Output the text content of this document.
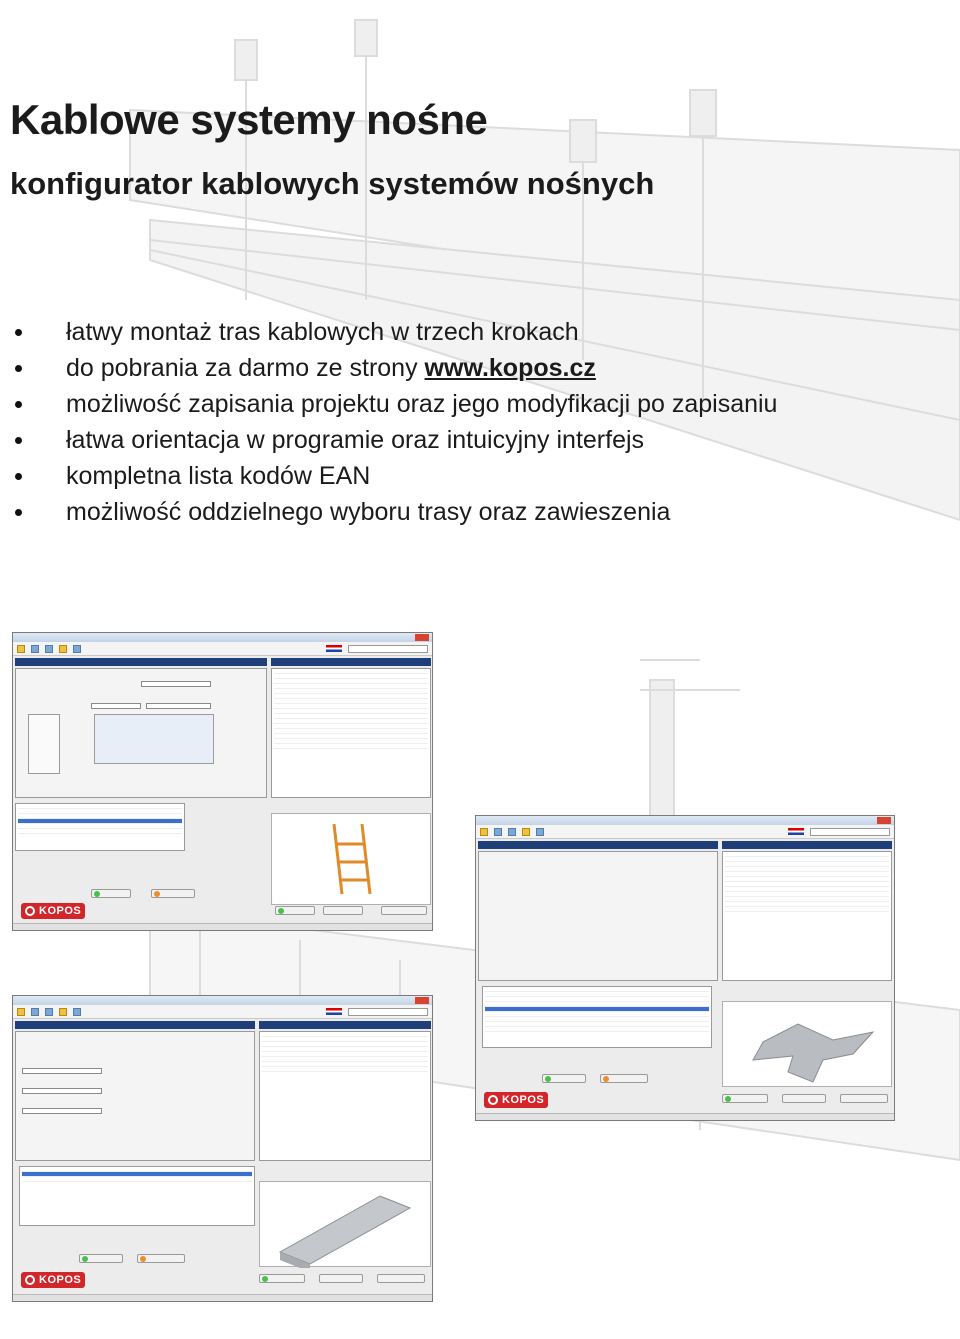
Kablowe systemy nośne
konfigurator kablowych systemów nośnych
łatwy montaż tras kablowych w trzech krokach
do pobrania za darmo ze strony www.kopos.cz
możliwość zapisania projektu oraz jego modyfikacji po zapisaniu
łatwa orientacja w programie oraz intuicyjny interfejs
kompletna lista kodów EAN
możliwość oddzielnego wyboru trasy oraz zawieszenia
KOPOS
KOPOS
KOPOS
